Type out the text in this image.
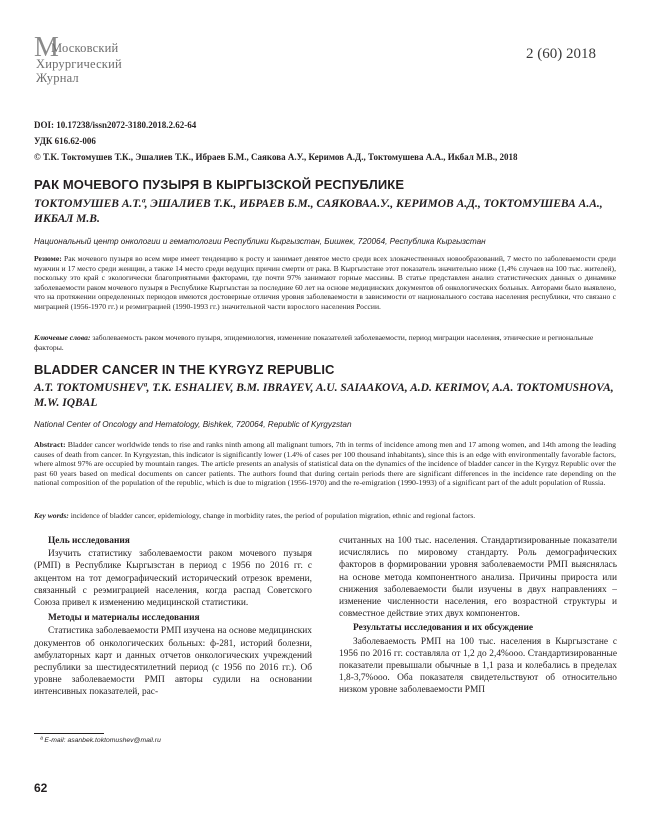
М
Московский
Хирургический
Журнал
2 (60) 2018
DOI: 10.17238/issn2072-3180.2018.2.62-64
УДК 616.62-006
© Т.К. Токтомушев Т.К., Эшалиев Т.К., Ибраев Б.М., Саякова А.У., Керимов А.Д., Токтомушева А.А., Икбал М.В., 2018
РАК МОЧЕВОГО ПУЗЫРЯ В КЫРГЫЗСКОЙ РЕСПУБЛИКЕ
ТОКТОМУШЕВ А.Т.ª, ЭШАЛИЕВ Т.К., ИБРАЕВ Б.М., САЯКОВАА.У., КЕРИМОВ А.Д., ТОКТОМУШЕВА А.А., ИКБАЛ М.В.
Национальный центр онкологии и гематологии Республики Кыргызстан, Бишкек, 720064, Республика Кыргызстан
Резюме: Рак мочевого пузыря во всем мире имеет тенденцию к росту и занимает девятое место среди всех злокачественных новообразований, 7 место по заболеваемости среди мужчин и 17 место среди женщин, а также 14 место среди ведущих причин смерти от рака. В Кыргызстане этот показатель значительно ниже (1,4% случаев на 100 тыс. жителей), поскольку это край с экологически благоприятными факторами, где почти 97% занимают горные массивы. В статье представлен анализ статистических данных о динамике заболеваемости раком мочевого пузыря в Республике Кыргызстан за последние 60 лет на основе медицинских документов об онкологических больных. Авторами было выявлено, что на протяжении определенных периодов имеются достоверные отличия уровня заболеваемости в зависимости от национального состава населения республики, что связано с миграцией (1956-1970 гг.) и реэмиграцией (1990-1993 гг.) значительной части взрослого населения России.
Ключевые слова: заболеваемость раком мочевого пузыря, эпидемиология, изменение показателей заболеваемости, период миграции населения, этнические и региональные факторы.
BLADDER CANCER IN THE KYRGYZ REPUBLIC
A.T. TOKTOMUSHEVª, T.K. ESHALIEV, B.M. IBRAYEV, A.U. SAIAAKOVA, A.D. KERIMOV, A.A. TOKTOMUSHOVA, M.W. IQBAL
National Center of Oncology and Hematology, Bishkek, 720064, Republic of Kyrgyzstan
Abstract: Bladder cancer worldwide tends to rise and ranks ninth among all malignant tumors, 7th in terms of incidence among men and 17 among women, and 14th among the leading causes of death from cancer. In Kyrgyzstan, this indicator is significantly lower (1.4% of cases per 100 thousand inhabitants), since this is an edge with environmentally favorable factors, where almost 97% are occupied by mountain ranges. The article presents an analysis of statistical data on the dynamics of the incidence of bladder cancer in the Kyrgyz Republic over the past 60 years based on medical documents on cancer patients. The authors found that during certain periods there are significant differences in the incidence rate depending on the national composition of the population of the republic, which is due to migration (1956-1970) and the re-emigration (1990-1993) of a significant part of the adult population of Russia.
Key words: incidence of bladder cancer, epidemiology, change in morbidity rates, the period of population migration, ethnic and regional factors.

Цель исследования

Изучить статистику заболеваемости раком мочевого пузыря (РМП) в Республике Кыргызстан в период с 1956 по 2016 гг. с акцентом на тот демографический исторический отрезок времени, связанный с реэмиграцией населения, когда распад Советского Союза привел к изменению медицинской статистики.

Методы и материалы исследования

Статистика заболеваемости РМП изучена на основе медицинских документов об онкологических больных: ф-281, историй болезни, амбулаторных карт и данных отчетов онкологических учреждений республики за шестидесятилетний период (с 1956 по 2016 гг.). Об уровне заболеваемости РМП авторы судили на основании интенсивных показателей, рас-

считанных на 100 тыс. населения. Стандартизированные показатели исчислялись по мировому стандарту. Роль демографических факторов в формировании уровня заболеваемости РМП выяснялась на основе метода компонентного анализа. Причины прироста или снижения заболеваемости были изучены в двух направлениях – изменение численности населения, его возрастной структуры и совместное действие этих двух компонентов.

Результаты исследования и их обсуждение

Заболеваемость РМП на 100 тыс. населения в Кыргызстане с 1956 по 2016 гг. составляла от 1,2 до 2,4%ooo. Стандартизированные показатели превышали обычные в 1,1 раза и колебались в пределах 1,8-3,7%ooo. Оба показателя свидетельствуют об относительно низком уровне заболеваемости РМП

ª E-mail: asanbek.toktomushev@mail.ru
62
